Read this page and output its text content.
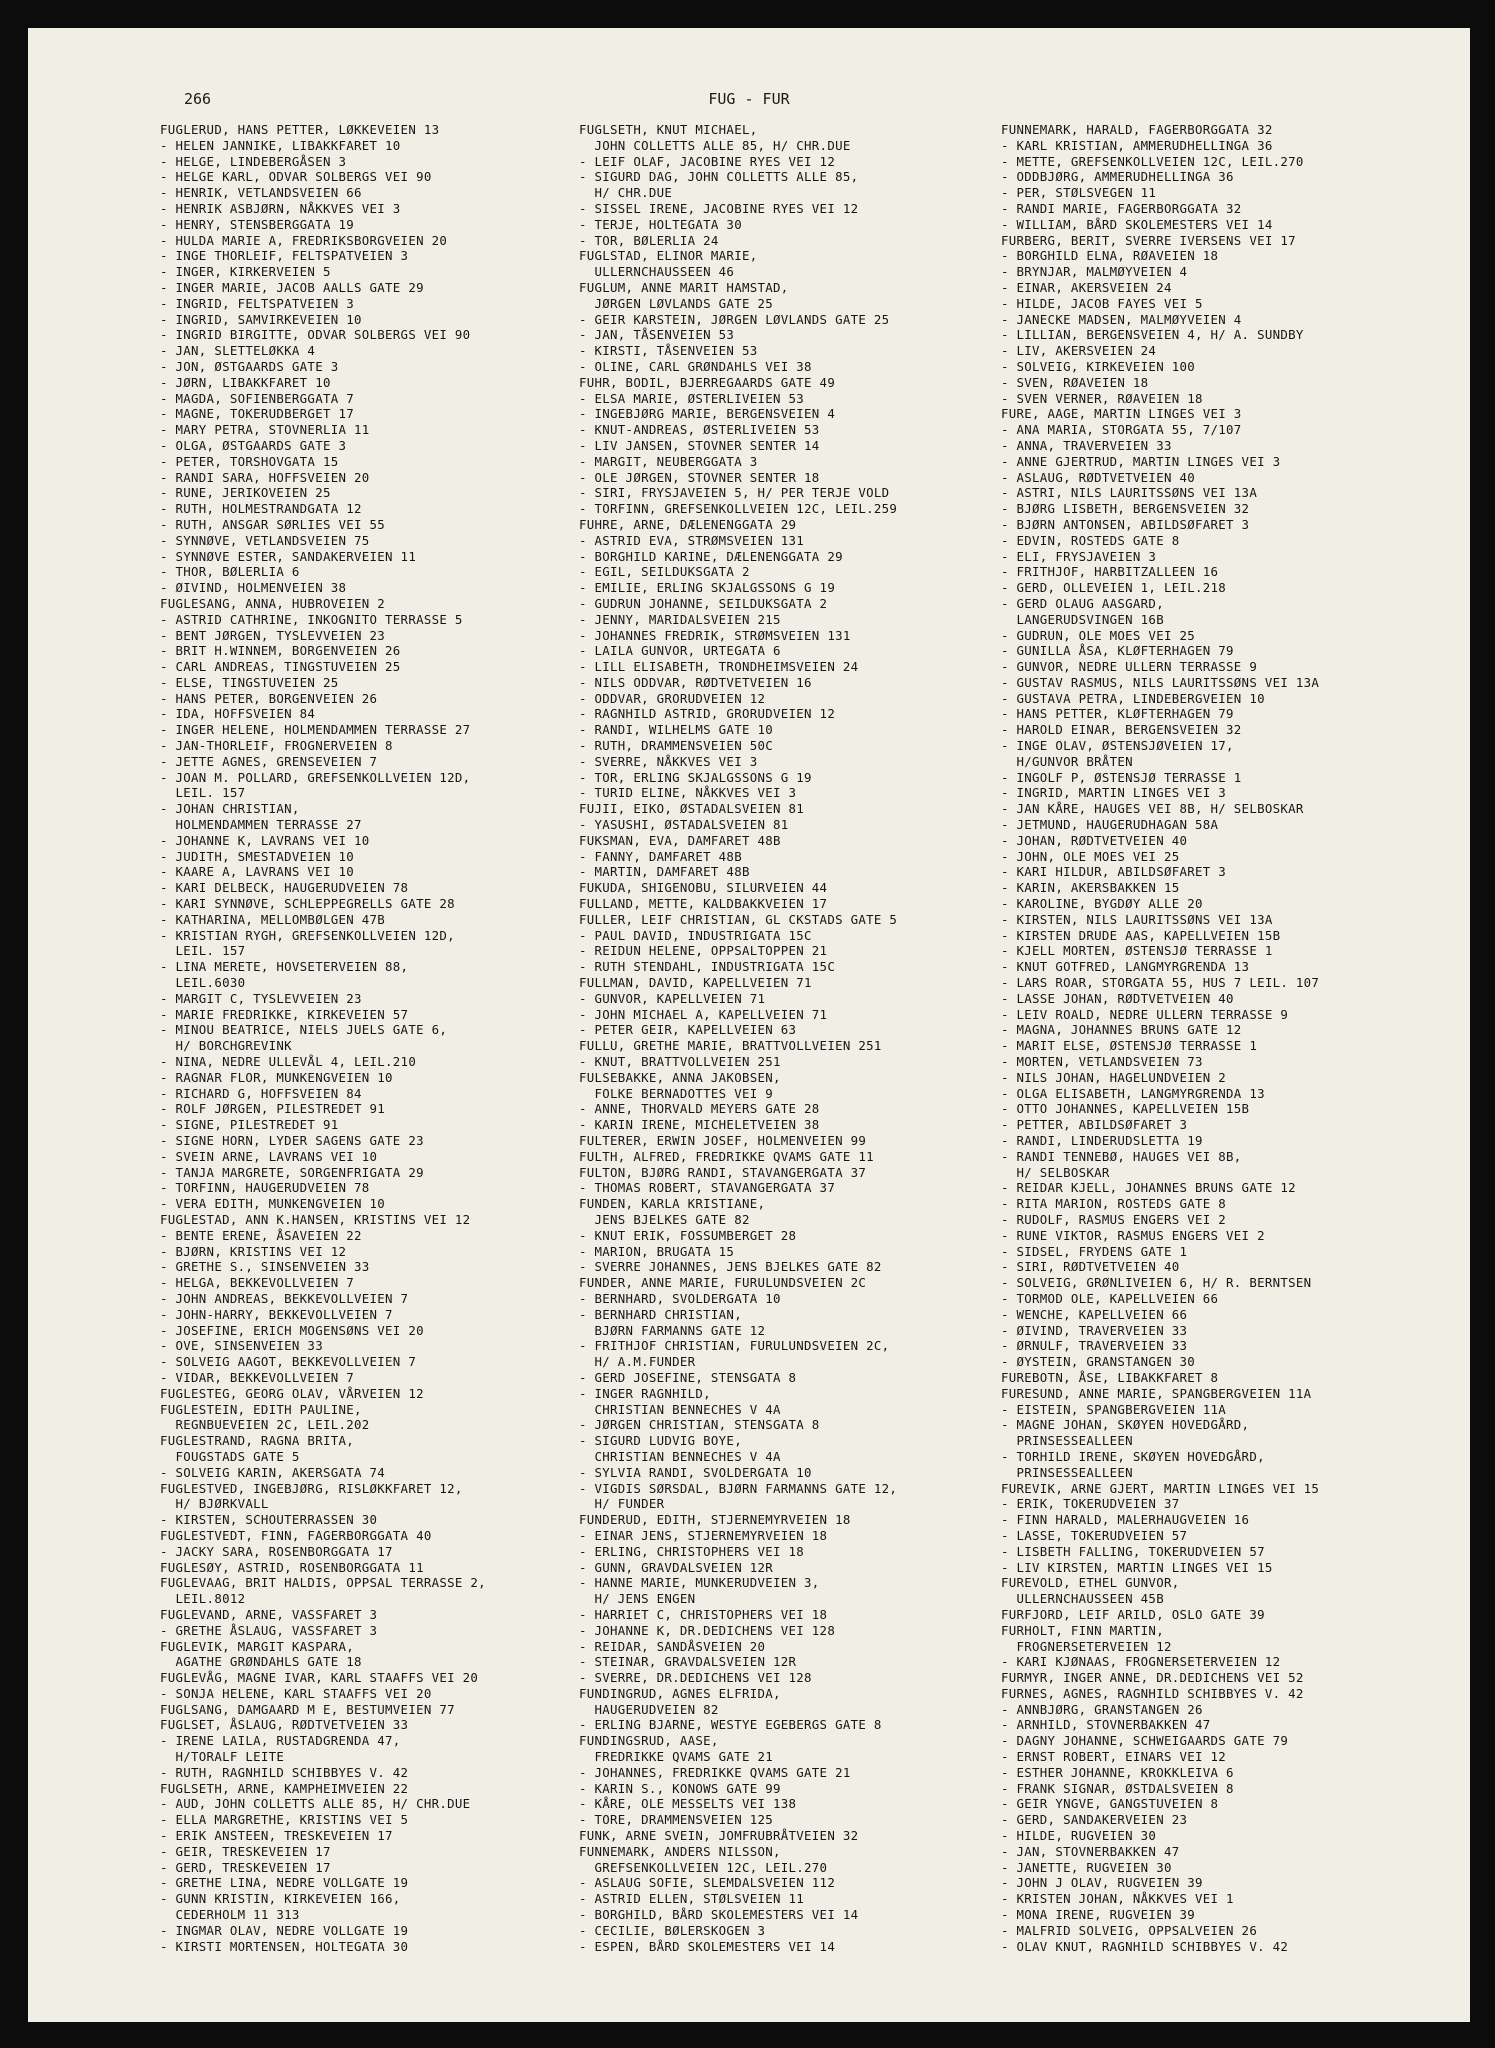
266	FUG - FUR
FUGLERUD, HANS PETTER, LØKKEVEIEN 13
- HELEN JANNIKE, LIBAKKFARET 10
- HELGE, LINDEBERGÅSEN 3
- HELGE KARL, ODVAR SOLBERGS VEI 90
- HENRIK, VETLANDSVEIEN 66
- HENRIK ASBJØRN, NÅKKVES VEI 3
- HENRY, STENSBERGGATA 19
- HULDA MARIE A, FREDRIKSBORGVEIEN 20
- INGE THORLEIF, FELTSPATVEIEN 3
- INGER, KIRKERVEIEN 5
- INGER MARIE, JACOB AALLS GATE 29
- INGRID, FELTSPATVEIEN 3
- INGRID, SAMVIRKEVEIEN 10
- INGRID BIRGITTE, ODVAR SOLBERGS VEI 90
- JAN, SLETTELØKKA 4
- JON, ØSTGAARDS GATE 3
- JØRN, LIBAKKFARET 10
- MAGDA, SOFIENBERGGATA 7
- MAGNE, TOKERUDBERGET 17
- MARY PETRA, STOVNERLIA 11
- OLGA, ØSTGAARDS GATE 3
- PETER, TORSHOVGATA 15
- RANDI SARA, HOFFSVEIEN 20
- RUNE, JERIKOVEIEN 25
- RUTH, HOLMESTRANDGATA 12
- RUTH, ANSGAR SØRLIES VEI 55
- SYNNØVE, VETLANDSVEIEN 75
- SYNNØVE ESTER, SANDAKERVEIEN 11
- THOR, BØLERLIA 6
- ØIVIND, HOLMENVEIEN 38
FUGLESANG, ANNA, HUBROVEIEN 2
- ASTRID CATHRINE, INKOGNITO TERRASSE 5
- BENT JØRGEN, TYSLEVVEIEN 23
- BRIT H.WINNEM, BORGENVEIEN 26
- CARL ANDREAS, TINGSTUVEIEN 25
- ELSE, TINGSTUVEIEN 25
- HANS PETER, BORGENVEIEN 26
- IDA, HOFFSVEIEN 84
- INGER HELENE, HOLMENDAMMEN TERRASSE 27
- JAN-THORLEIF, FROGNERVEIEN 8
- JETTE AGNES, GRENSEVEIEN 7
- JOAN M. POLLARD, GREFSENKOLLVEIEN 12D,
LEIL. 157
- JOHAN CHRISTIAN,
HOLMENDAMMEN TERRASSE 27
- JOHANNE K, LAVRANS VEI 10
- JUDITH, SMESTADVEIEN 10
- KAARE A, LAVRANS VEI 10
- KARI DELBECK, HAUGERUDVEIEN 78
- KARI SYNNØVE, SCHLEPPEGRELLS GATE 28
- KATHARINA, MELLOMBØLGEN 47B
- KRISTIAN RYGH, GREFSENKOLLVEIEN 12D,
LEIL. 157
- LINA MERETE, HOVSETERVEIEN 88,
LEIL.6030
- MARGIT C, TYSLEVVEIEN 23
- MARIE FREDRIKKE, KIRKEVEIEN 57
- MINOU BEATRICE, NIELS JUELS GATE 6,
H/ BORCHGREVINK
- NINA, NEDRE ULLEVÅL 4, LEIL.210
- RAGNAR FLOR, MUNKENGVEIEN 10
- RICHARD G, HOFFSVEIEN 84
- ROLF JØRGEN, PILESTREDET 91
- SIGNE, PILESTREDET 91
- SIGNE HORN, LYDER SAGENS GATE 23
- SVEIN ARNE, LAVRANS VEI 10
- TANJA MARGRETE, SORGENFRIGATA 29
- TORFINN, HAUGERUDVEIEN 78
- VERA EDITH, MUNKENGVEIEN 10
FUGLESTAD, ANN K.HANSEN, KRISTINS VEI 12
- BENTE ERENE, ÅSAVEIEN 22
- BJØRN, KRISTINS VEI 12
- GRETHE S., SINSENVEIEN 33
- HELGA, BEKKEVOLLVEIEN 7
- JOHN ANDREAS, BEKKEVOLLVEIEN 7
- JOHN-HARRY, BEKKEVOLLVEIEN 7
- JOSEFINE, ERICH MOGENSØNS VEI 20
- OVE, SINSENVEIEN 33
- SOLVEIG AAGOT, BEKKEVOLLVEIEN 7
- VIDAR, BEKKEVOLLVEIEN 7
FUGLESTEG, GEORG OLAV, VÅRVEIEN 12
FUGLESTEIN, EDITH PAULINE,
REGNBUEVEIEN 2C, LEIL.202
FUGLESTRAND, RAGNA BRITA,
FOUGSTADS GATE 5
- SOLVEIG KARIN, AKERSGATA 74
FUGLESTVED, INGEBJØRG, RISLØKKFARET 12,
H/ BJØRKVALL
- KIRSTEN, SCHOUTERRASSEN 30
FUGLESTVEDT, FINN, FAGERBORGGATA 40
- JACKY SARA, ROSENBORGGATA 17
FUGLESØY, ASTRID, ROSENBORGGATA 11
FUGLEVAAG, BRIT HALDIS, OPPSAL TERRASSE 2,
LEIL.8012
FUGLEVAND, ARNE, VASSFARET 3
- GRETHE ÅSLAUG, VASSFARET 3
FUGLEVIK, MARGIT KASPARA,
AGATHE GRØNDAHLS GATE 18
FUGLEVÅG, MAGNE IVAR, KARL STAAFFS VEI 20
- SONJA HELENE, KARL STAAFFS VEI 20
FUGLSANG, DAMGAARD M E, BESTUMVEIEN 77
FUGLSET, ÅSLAUG, RØDTVETVEIEN 33
- IRENE LAILA, RUSTADGRENDA 47,
H/TORALF LEITE
- RUTH, RAGNHILD SCHIBBYES V. 42
FUGLSETH, ARNE, KAMPHEIMVEIEN 22
- AUD, JOHN COLLETTS ALLE 85, H/ CHR.DUE
- ELLA MARGRETHE, KRISTINS VEI 5
- ERIK ANSTEEN, TRESKEVEIEN 17
- GEIR, TRESKEVEIEN 17
- GERD, TRESKEVEIEN 17
- GRETHE LINA, NEDRE VOLLGATE 19
- GUNN KRISTIN, KIRKEVEIEN 166,
CEDERHOLM 11 313
- INGMAR OLAV, NEDRE VOLLGATE 19
- KIRSTI MORTENSEN, HOLTEGATA 30
FUGLSETH, KNUT MICHAEL,
JOHN COLLETTS ALLE 85, H/ CHR.DUE
- LEIF OLAF, JACOBINE RYES VEI 12
- SIGURD DAG, JOHN COLLETTS ALLE 85,
H/ CHR.DUE
- SISSEL IRENE, JACOBINE RYES VEI 12
- TERJE, HOLTEGATA 30
- TOR, BØLERLIA 24
FUGLSTAD, ELINOR MARIE,
ULLERNCHAUSSEEN 46
FUGLUM, ANNE MARIT HAMSTAD,
JØRGEN LØVLANDS GATE 25
- GEIR KARSTEIN, JØRGEN LØVLANDS GATE 25
- JAN, TÅSENVEIEN 53
- KIRSTI, TÅSENVEIEN 53
- OLINE, CARL GRØNDAHLS VEI 38
FUHR, BODIL, BJERREGAARDS GATE 49
- ELSA MARIE, ØSTERLIVEIEN 53
- INGEBJØRG MARIE, BERGENSVEIEN 4
- KNUT-ANDREAS, ØSTERLIVEIEN 53
- LIV JANSEN, STOVNER SENTER 14
- MARGIT, NEUBERGGATA 3
- OLE JØRGEN, STOVNER SENTER 18
- SIRI, FRYSJAVEIEN 5, H/ PER TERJE VOLD
- TORFINN, GREFSENKOLLVEIEN 12C, LEIL.259
FUHRE, ARNE, DÆLENENGGATA 29
- ASTRID EVA, STRØMSVEIEN 131
- BORGHILD KARINE, DÆLENENGGATA 29
- EGIL, SEILDUKSGATA 2
- EMILIE, ERLING SKJALGSSONS G 19
- GUDRUN JOHANNE, SEILDUKSGATA 2
- JENNY, MARIDALSVEIEN 215
- JOHANNES FREDRIK, STRØMSVEIEN 131
- LAILA GUNVOR, URTEGATA 6
- LILL ELISABETH, TRONDHEIMSVEIEN 24
- NILS ODDVAR, RØDTVETVEIEN 16
- ODDVAR, GRORUDVEIEN 12
- RAGNHILD ASTRID, GRORUDVEIEN 12
- RANDI, WILHELMS GATE 10
- RUTH, DRAMMENSVEIEN 50C
- SVERRE, NÅKKVES VEI 3
- TOR, ERLING SKJALGSSONS G 19
- TURID ELINE, NÅKKVES VEI 3
FUJII, EIKO, ØSTADALSVEIEN 81
- YASUSHI, ØSTADALSVEIEN 81
FUKSMAN, EVA, DAMFARET 48B
- FANNY, DAMFARET 48B
- MARTIN, DAMFARET 48B
FUKUDA, SHIGENOBU, SILURVEIEN 44
FULLAND, METTE, KALDBAKKVEIEN 17
FULLER, LEIF CHRISTIAN, GL CKSTADS GATE 5
- PAUL DAVID, INDUSTRIGATA 15C
- REIDUN HELENE, OPPSALTOPPEN 21
- RUTH STENDAHL, INDUSTRIGATA 15C
FULLMAN, DAVID, KAPELLVEIEN 71
- GUNVOR, KAPELLVEIEN 71
- JOHN MICHAEL A, KAPELLVEIEN 71
- PETER GEIR, KAPELLVEIEN 63
FULLU, GRETHE MARIE, BRATTVOLLVEIEN 251
- KNUT, BRATTVOLLVEIEN 251
FULSEBAKKE, ANNA JAKOBSEN,
FOLKE BERNADOTTES VEI 9
- ANNE, THORVALD MEYERS GATE 28
- KARIN IRENE, MICHELETVEIEN 38
FULTERER, ERWIN JOSEF, HOLMENVEIEN 99
FULTH, ALFRED, FREDRIKKE QVAMS GATE 11
FULTON, BJØRG RANDI, STAVANGERGATA 37
- THOMAS ROBERT, STAVANGERGATA 37
FUNDEN, KARLA KRISTIANE,
JENS BJELKES GATE 82
- KNUT ERIK, FOSSUMBERGET 28
- MARION, BRUGATA 15
- SVERRE JOHANNES, JENS BJELKES GATE 82
FUNDER, ANNE MARIE, FURULUNDSVEIEN 2C
- BERNHARD, SVOLDERGATA 10
- BERNHARD CHRISTIAN,
BJØRN FARMANNS GATE 12
- FRITHJOF CHRISTIAN, FURULUNDSVEIEN 2C,
H/ A.M.FUNDER
- GERD JOSEFINE, STENSGATA 8
- INGER RAGNHILD,
CHRISTIAN BENNECHES V 4A
- JØRGEN CHRISTIAN, STENSGATA 8
- SIGURD LUDVIG BOYE,
CHRISTIAN BENNECHES V 4A
- SYLVIA RANDI, SVOLDERGATA 10
- VIGDIS SØRSDAL, BJØRN FARMANNS GATE 12,
H/ FUNDER
FUNDERUD, EDITH, STJERNEMYRVEIEN 18
- EINAR JENS, STJERNEMYRVEIEN 18
- ERLING, CHRISTOPHERS VEI 18
- GUNN, GRAVDALSVEIEN 12R
- HANNE MARIE, MUNKERUDVEIEN 3,
H/ JENS ENGEN
- HARRIET C, CHRISTOPHERS VEI 18
- JOHANNE K, DR.DEDICHENS VEI 128
- REIDAR, SANDÅSVEIEN 20
- STEINAR, GRAVDALSVEIEN 12R
- SVERRE, DR.DEDICHENS VEI 128
FUNDINGRUD, AGNES ELFRIDA,
HAUGERUDVEIEN 82
- ERLING BJARNE, WESTYE EGEBERGS GATE 8
FUNDINGSRUD, AASE,
FREDRIKKE QVAMS GATE 21
- JOHANNES, FREDRIKKE QVAMS GATE 21
- KARIN S., KONOWS GATE 99
- KÅRE, OLE MESSELTS VEI 138
- TORE, DRAMMENSVEIEN 125
FUNK, ARNE SVEIN, JOMFRUBRÅTVEIEN 32
FUNNEMARK, ANDERS NILSSON,
GREFSENKOLLVEIEN 12C, LEIL.270
- ASLAUG SOFIE, SLEMDALSVEIEN 112
- ASTRID ELLEN, STØLSVEIEN 11
- BORGHILD, BÅRD SKOLEMESTERS VEI 14
- CECILIE, BØLERSKOGEN 3
- ESPEN, BÅRD SKOLEMESTERS VEI 14
FUNNEMARK, HARALD, FAGERBORGGATA 32
- KARL KRISTIAN, AMMERUDHELLINGA 36
- METTE, GREFSENKOLLVEIEN 12C, LEIL.270
- ODDBJØRG, AMMERUDHELLINGA 36
- PER, STØLSVEGEN 11
- RANDI MARIE, FAGERBORGGATA 32
- WILLIAM, BÅRD SKOLEMESTERS VEI 14
FURBERG, BERIT, SVERRE IVERSENS VEI 17
- BORGHILD ELNA, RØAVEIEN 18
- BRYNJAR, MALMØYVEIEN 4
- EINAR, AKERSVEIEN 24
- HILDE, JACOB FAYES VEI 5
- JANECKE MADSEN, MALMØYVEIEN 4
- LILLIAN, BERGENSVEIEN 4, H/ A. SUNDBY
- LIV, AKERSVEIEN 24
- SOLVEIG, KIRKEVEIEN 100
- SVEN, RØAVEIEN 18
- SVEN VERNER, RØAVEIEN 18
FURE, AAGE, MARTIN LINGES VEI 3
- ANA MARIA, STORGATA 55, 7/107
- ANNA, TRAVERVEIEN 33
- ANNE GJERTRUD, MARTIN LINGES VEI 3
- ASLAUG, RØDTVETVEIEN 40
- ASTRI, NILS LAURITSSØNS VEI 13A
- BJØRG LISBETH, BERGENSVEIEN 32
- BJØRN ANTONSEN, ABILDSØFARET 3
- EDVIN, ROSTEDS GATE 8
- ELI, FRYSJAVEIEN 3
- FRITHJOF, HARBITZALLEEN 16
- GERD, OLLEVEIEN 1, LEIL.218
- GERD OLAUG AASGARD,
LANGERUDSVINGEN 16B
- GUDRUN, OLE MOES VEI 25
- GUNILLA ÅSA, KLØFTERHAGEN 79
- GUNVOR, NEDRE ULLERN TERRASSE 9
- GUSTAV RASMUS, NILS LAURITSSØNS VEI 13A
- GUSTAVA PETRA, LINDEBERGVEIEN 10
- HANS PETTER, KLØFTERHAGEN 79
- HAROLD EINAR, BERGENSVEIEN 32
- INGE OLAV, ØSTENSJØVEIEN 17,
H/GUNVOR BRÅTEN
- INGOLF P, ØSTENSJØ TERRASSE 1
- INGRID, MARTIN LINGES VEI 3
- JAN KÅRE, HAUGES VEI 8B, H/ SELBOSKAR
- JETMUND, HAUGERUDHAGAN 58A
- JOHAN, RØDTVETVEIEN 40
- JOHN, OLE MOES VEI 25
- KARI HILDUR, ABILDSØFARET 3
- KARIN, AKERSBAKKEN 15
- KAROLINE, BYGDØY ALLE 20
- KIRSTEN, NILS LAURITSSØNS VEI 13A
- KIRSTEN DRUDE AAS, KAPELLVEIEN 15B
- KJELL MORTEN, ØSTENSJØ TERRASSE 1
- KNUT GOTFRED, LANGMYRGRENDA 13
- LARS ROAR, STORGATA 55, HUS 7 LEIL. 107
- LASSE JOHAN, RØDTVETVEIEN 40
- LEIV ROALD, NEDRE ULLERN TERRASSE 9
- MAGNA, JOHANNES BRUNS GATE 12
- MARIT ELSE, ØSTENSJØ TERRASSE 1
- MORTEN, VETLANDSVEIEN 73
- NILS JOHAN, HAGELUNDVEIEN 2
- OLGA ELISABETH, LANGMYRGRENDA 13
- OTTO JOHANNES, KAPELLVEIEN 15B
- PETTER, ABILDSØFARET 3
- RANDI, LINDERUDSLETTA 19
- RANDI TENNEBØ, HAUGES VEI 8B,
H/ SELBOSKAR
- REIDAR KJELL, JOHANNES BRUNS GATE 12
- RITA MARION, ROSTEDS GATE 8
- RUDOLF, RASMUS ENGERS VEI 2
- RUNE VIKTOR, RASMUS ENGERS VEI 2
- SIDSEL, FRYDENS GATE 1
- SIRI, RØDTVETVEIEN 40
- SOLVEIG, GRØNLIVEIEN 6, H/ R. BERNTSEN
- TORMOD OLE, KAPELLVEIEN 66
- WENCHE, KAPELLVEIEN 66
- ØIVIND, TRAVERVEIEN 33
- ØRNULF, TRAVERVEIEN 33
- ØYSTEIN, GRANSTANGEN 30
FUREBOTN, ÅSE, LIBAKKFARET 8
FURESUND, ANNE MARIE, SPANGBERGVEIEN 11A
- EISTEIN, SPANGBERGVEIEN 11A
- MAGNE JOHAN, SKØYEN HOVEDGÅRD,
PRINSESSEALLEEN
- TORHILD IRENE, SKØYEN HOVEDGÅRD,
PRINSESSEALLEEN
FUREVIK, ARNE GJERT, MARTIN LINGES VEI 15
- ERIK, TOKERUDVEIEN 37
- FINN HARALD, MALERHAUGVEIEN 16
- LASSE, TOKERUDVEIEN 57
- LISBETH FALLING, TOKERUDVEIEN 57
- LIV KIRSTEN, MARTIN LINGES VEI 15
FUREVOLD, ETHEL GUNVOR,
ULLERNCHAUSSEEN 45B
FURFJORD, LEIF ARILD, OSLO GATE 39
FURHOLT, FINN MARTIN,
FROGNERSETERVEIEN 12
- KARI KJØNAAS, FROGNERSETERVEIEN 12
FURMYR, INGER ANNE, DR.DEDICHENS VEI 52
FURNES, AGNES, RAGNHILD SCHIBBYES V. 42
- ANNBJØRG, GRANSTANGEN 26
- ARNHILD, STOVNERBAKKEN 47
- DAGNY JOHANNE, SCHWEIGAARDS GATE 79
- ERNST ROBERT, EINARS VEI 12
- ESTHER JOHANNE, KROKKLEIVA 6
- FRANK SIGNAR, ØSTDALSVEIEN 8
- GEIR YNGVE, GANGSTUVEIEN 8
- GERD, SANDAKERVEIEN 23
- HILDE, RUGVEIEN 30
- JAN, STOVNERBAKKEN 47
- JANETTE, RUGVEIEN 30
- JOHN J OLAV, RUGVEIEN 39
- KRISTEN JOHAN, NÅKKVES VEI 1
- MONA IRENE, RUGVEIEN 39
- MALFRID SOLVEIG, OPPSALVEIEN 26
- OLAV KNUT, RAGNHILD SCHIBBYES V. 42
